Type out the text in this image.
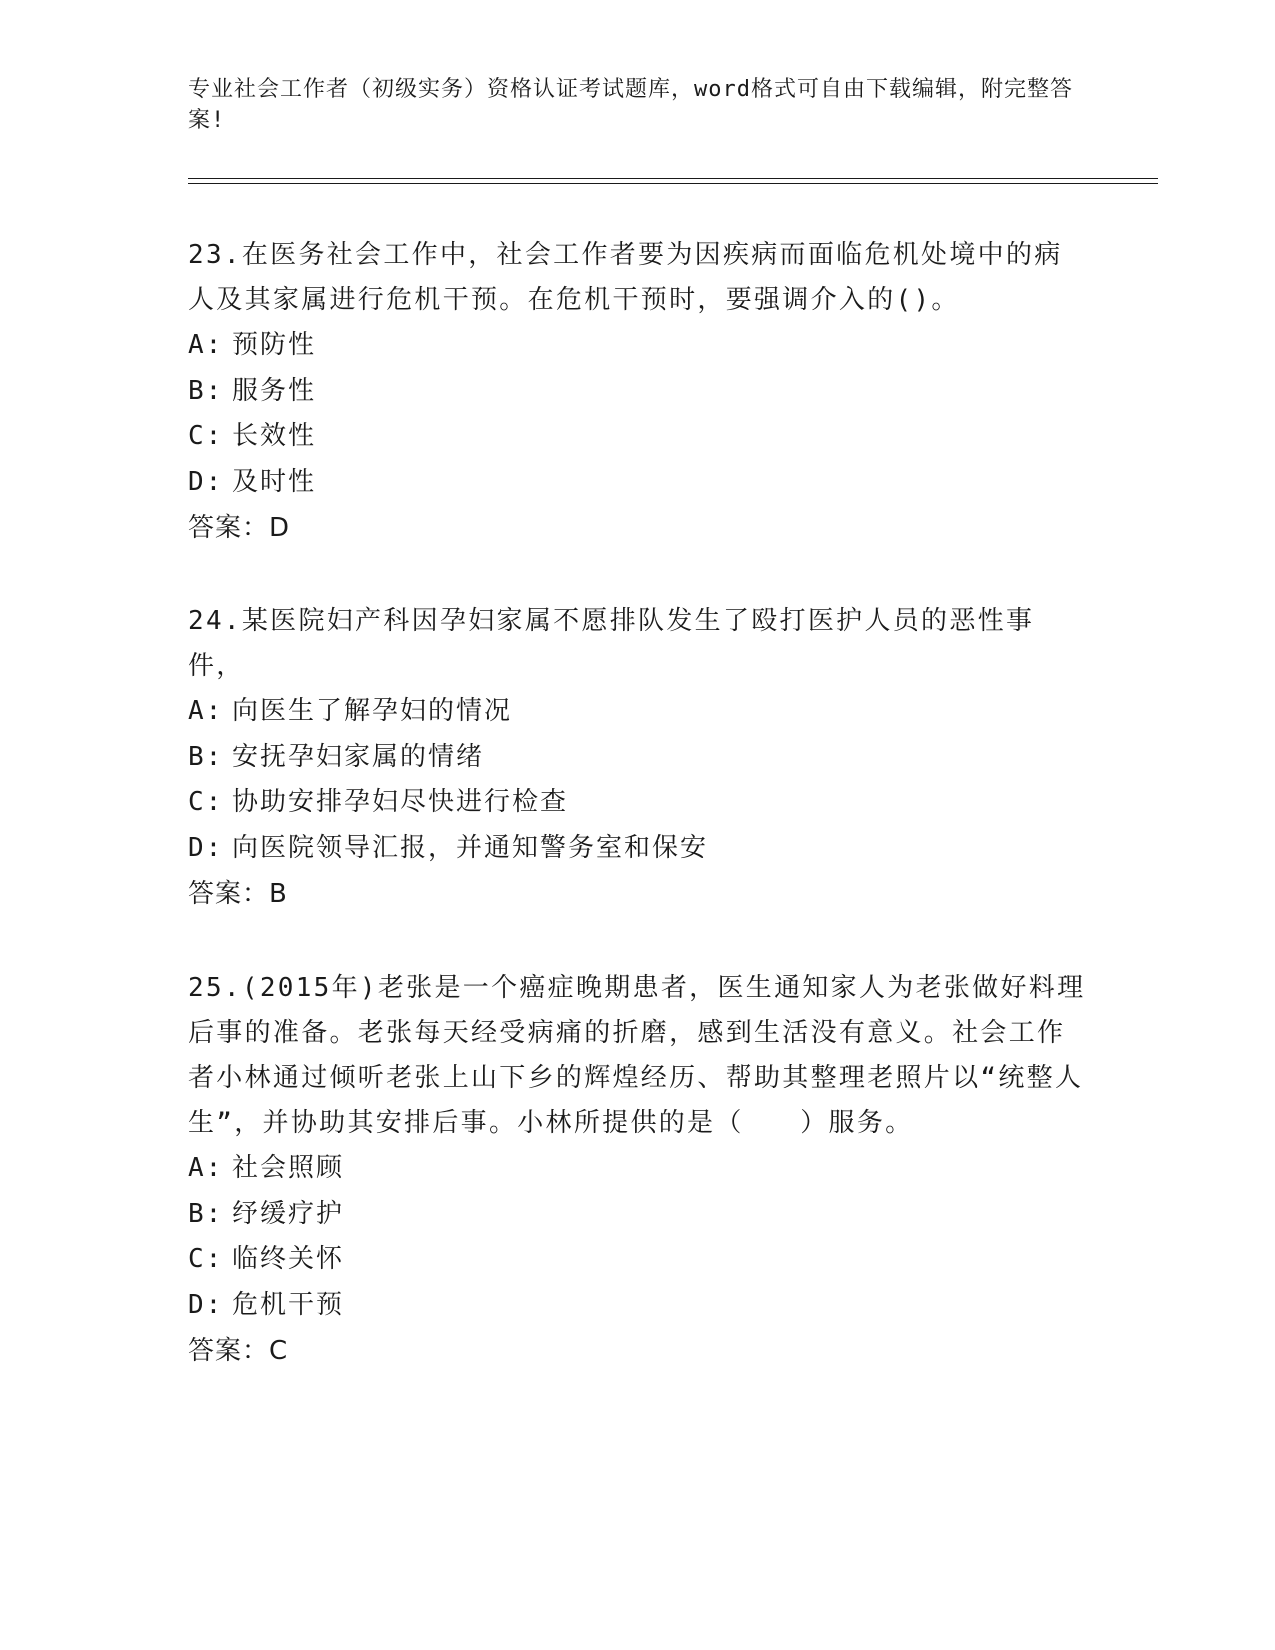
专业社会工作者（初级实务）资格认证考试题库，word格式可自由下载编辑，附完整答案!
23.在医务社会工作中，社会工作者要为因疾病而面临危机处境中的病人及其家属进行危机干预。在危机干预时，要强调介入的()。
A: 预防性
B: 服务性
C: 长效性
D: 及时性
答案：D
24.某医院妇产科因孕妇家属不愿排队发生了殴打医护人员的恶性事件，
A: 向医生了解孕妇的情况
B: 安抚孕妇家属的情绪
C: 协助安排孕妇尽快进行检查
D: 向医院领导汇报，并通知警务室和保安
答案：B
25.(2015年)老张是一个癌症晚期患者，医生通知家人为老张做好料理后事的准备。老张每天经受病痛的折磨，感到生活没有意义。社会工作者小林通过倾听老张上山下乡的辉煌经历、帮助其整理老照片以“统整人生”，并协助其安排后事。小林所提供的是（　　）服务。
A: 社会照顾
B: 纾缓疗护
C: 临终关怀
D: 危机干预
答案：C
